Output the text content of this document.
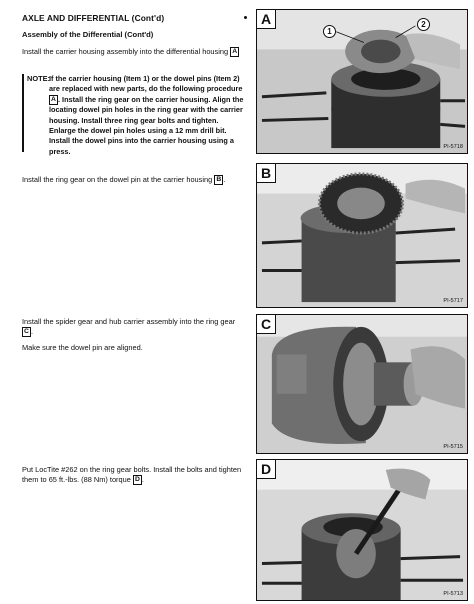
AXLE AND DIFFERENTIAL (Cont'd)
Assembly of the Differential (Cont'd)
Install the carrier housing assembly into the differential housing A
NOTE: If the carrier housing (Item 1) or the dowel pins (Item 2) are replaced with new parts, do the following procedure A . Install the ring gear on the carrier housing. Align the locating dowel pin holes in the ring gear with the carrier housing. Install three ring gear bolts and tighten. Enlarge the dowel pin holes using a 12 mm drill bit. Install the dowel pins into the carrier housing using a press.
Install the ring gear on the dowel pin at the carrier housing B .
Install the spider gear and hub carrier assembly into the ring gear C .
Make sure the dowel pin are aligned.
Put LocTite #262 on the ring gear bolts. Install the bolts and tighten them to 65 ft.-lbs. (88 Nm) torque D .
1
2
A
PI-5718
B
PI-5717
C
PI-5715
D
PI-5713
